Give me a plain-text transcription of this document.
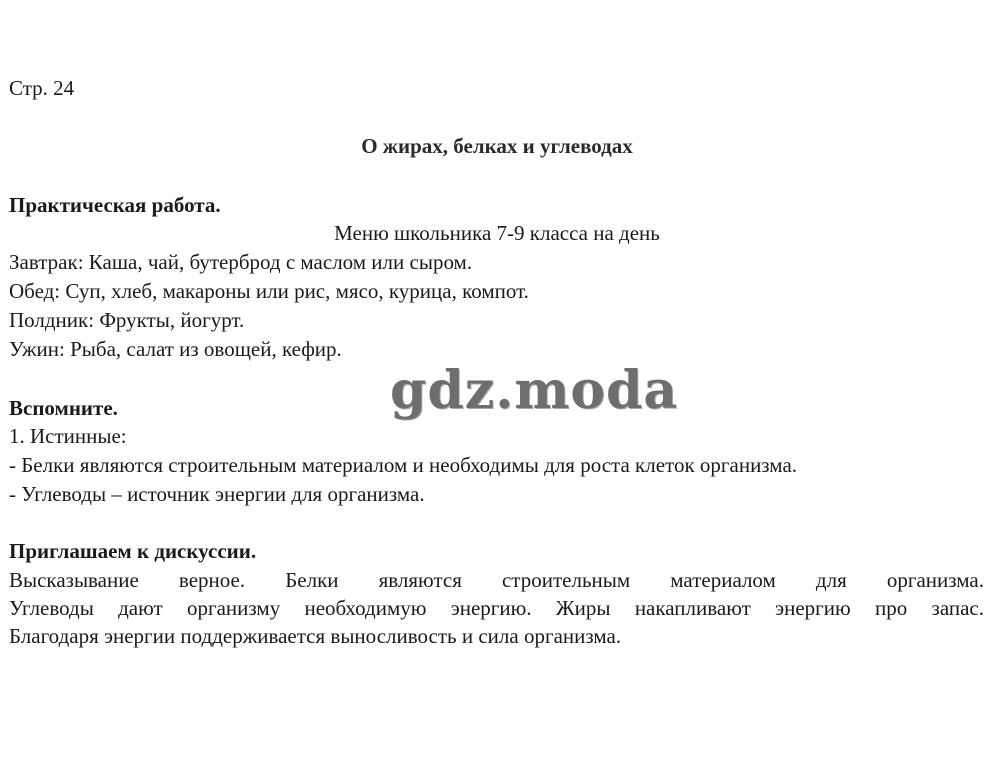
Стр. 24
О жирах, белках и углеводах
Практическая работа.
Меню школьника 7-9 класса на день
Завтрак: Каша, чай, бутерброд с маслом или сыром.
Обед: Суп, хлеб, макароны или рис, мясо, курица, компот.
Полдник: Фрукты, йогурт.
Ужин: Рыба, салат из овощей, кефир.
Вспомните.
1. Истинные:
- Белки являются строительным материалом и необходимы для роста клеток организма.
- Углеводы – источник энергии для организма.
Приглашаем к дискуссии.
Высказывание верное. Белки являются строительным материалом для организма.
Углеводы дают организму необходимую энергию. Жиры накапливают энергию про запас.
Благодаря энергии поддерживается выносливость и сила организма.
gdz.moda
